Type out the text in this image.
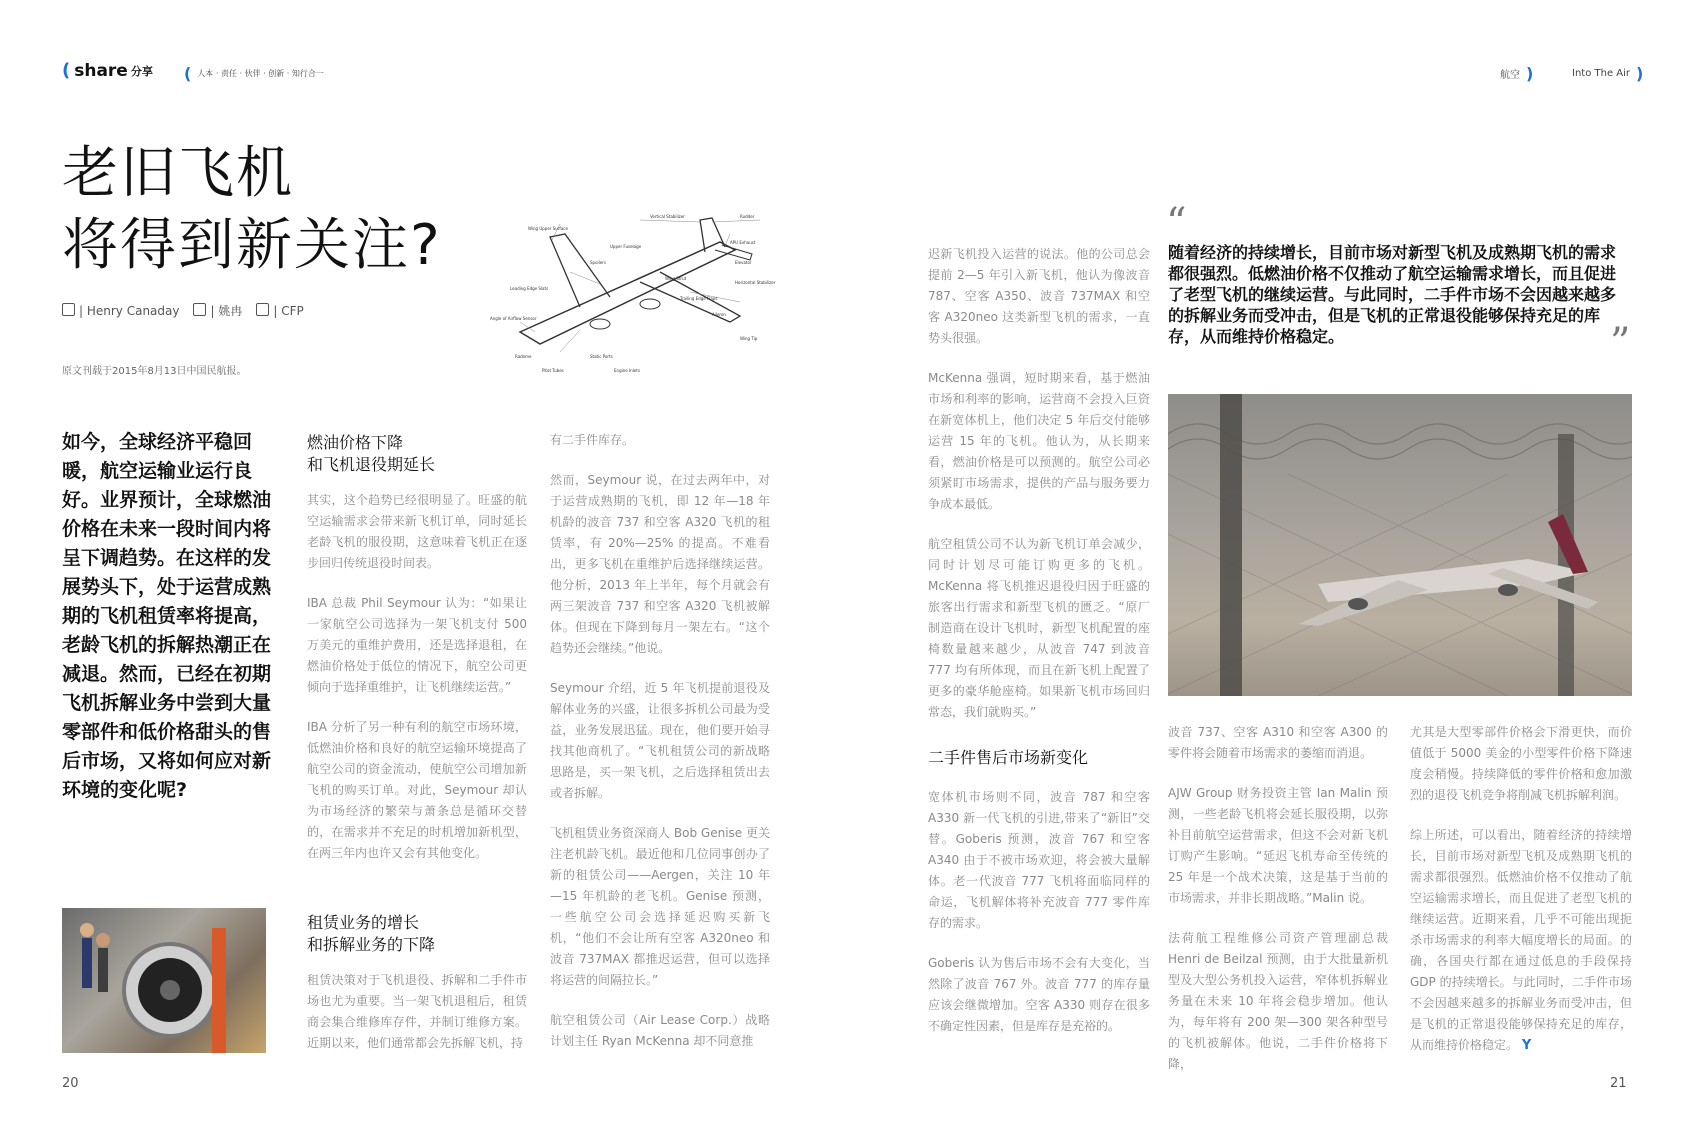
( share 分享 ( 人本 · 责任 · 伙伴 · 创新 · 知行合一	航空 )	Into The Air )
老旧飞机
将得到新关注?
| Henry Canaday	| 姚冉	| CFP
原文刊载于2015年8月13日中国民航报。
如今，全球经济平稳回暖，航空运输业运行良好。业界预计，全球燃油价格在未来一段时间内将呈下调趋势。在这样的发展势头下，处于运营成熟期的飞机租赁率将提高，老龄飞机的拆解热潮正在减退。然而，已经在初期飞机拆解业务中尝到大量零部件和低价格甜头的售后市场，又将如何应对新环境的变化呢?
燃油价格下降
和飞机退役期延长

其实，这个趋势已经很明显了。旺盛的航空运输需求会带来新飞机订单，同时延长老龄飞机的服役期，这意味着飞机正在逐步回归传统退役时间表。

IBA 总裁 Phil Seymour 认为：“如果让一家航空公司选择为一架飞机支付 500 万美元的重维护费用，还是选择退租，在燃油价格处于低位的情况下，航空公司更倾向于选择重维护，让飞机继续运营。”

IBA 分析了另一种有利的航空市场环境，低燃油价格和良好的航空运输环境提高了航空公司的资金流动，使航空公司增加新飞机的购买订单。对此，Seymour 却认为市场经济的繁荣与萧条总是循环交替的，在需求并不充足的时机增加新机型，在两三年内也许又会有其他变化。

租赁业务的增长
和拆解业务的下降

租赁决策对于飞机退役、拆解和二手件市场也尤为重要。当一架飞机退租后，租赁商会集合维修库存件，并制订维修方案。近期以来，他们通常都会先拆解飞机，持

Wing Upper Surface
Vertical Stabilizer	Rudder
Upper Fuselage
APU Exhaust
Spoilers	Elevator
Wing Strut
Horizontal Stabilizer
Leading Edge Slats
Trailing Edge Flaps
Aileron
Angle of Airflow Sensor
Wing Tip
Radome	Static Ports
Pitot Tubes	Engine Inlets

有二手件库存。

然而，Seymour 说，在过去两年中，对于运营成熟期的飞机，即 12 年—18 年机龄的波音 737 和空客 A320 飞机的租赁率，有 20%—25% 的提高。不难看出，更多飞机在重维护后选择继续运营。他分析，2013 年上半年，每个月就会有两三架波音 737 和空客 A320 飞机被解体。但现在下降到每月一架左右。“这个趋势还会继续。”他说。

Seymour 介绍，近 5 年飞机提前退役及解体业务的兴盛，让很多拆机公司最为受益，业务发展迅猛。现在，他们要开始寻找其他商机了。“飞机租赁公司的新战略思路是，买一架飞机，之后选择租赁出去或者拆解。

飞机租赁业务资深商人 Bob Genise 更关注老机龄飞机。最近他和几位同事创办了新的租赁公司——Aergen，关注 10 年—15 年机龄的老飞机。Genise 预测，一些航空公司会选择延迟购买新飞机，“他们不会让所有空客 A320neo 和波音 737MAX 都推迟运营，但可以选择将运营的间隔拉长。”

航空租赁公司（Air Lease Corp.）战略计划主任 Ryan McKenna 却不同意推

迟新飞机投入运营的说法。他的公司总会提前 2—5 年引入新飞机，他认为像波音 787、空客 A350、波音 737MAX 和空客 A320neo 这类新型飞机的需求，一直势头很强。

McKenna 强调，短时期来看，基于燃油市场和利率的影响，运营商不会投入巨资在新宽体机上，他们决定 5 年后交付能够运营 15 年的飞机。他认为，从长期来看，燃油价格是可以预测的。航空公司必须紧盯市场需求，提供的产品与服务要力争成本最低。

航空租赁公司不认为新飞机订单会减少，同时计划尽可能订购更多的飞机。McKenna 将飞机推迟退役归因于旺盛的旅客出行需求和新型飞机的匮乏。“原厂制造商在设计飞机时，新型飞机配置的座椅数量越来越少，从波音 747 到波音 777 均有所体现，而且在新飞机上配置了更多的豪华舱座椅。如果新飞机市场回归常态，我们就购买。”

二手件售后市场新变化

宽体机市场则不同，波音 787 和空客 A330 新一代飞机的引进,带来了“新旧”交替。Goberis 预测，波音 767 和空客 A340 由于不被市场欢迎，将会被大量解体。老一代波音 777 飞机将面临同样的命运，飞机解体将补充波音 777 零件库存的需求。

Goberis 认为售后市场不会有大变化，当然除了波音 767 外。波音 777 的库存量应该会继微增加。空客 A330 则存在很多不确定性因素，但是库存是充裕的。

“
随着经济的持续增长，目前市场对新型飞机及成熟期飞机的需求都很强烈。低燃油价格不仅推动了航空运输需求增长，而且促进了老型飞机的继续运营。与此同时，二手件市场不会因越来越多的拆解业务而受冲击，但是飞机的正常退役能够保持充足的库存，从而维持价格稳定。	”

波音 737、空客 A310 和空客 A300 的零件将会随着市场需求的萎缩而消退。

AJW Group 财务投资主管 Ian Malin 预测，一些老龄飞机将会延长服役期，以弥补目前航空运营需求，但这不会对新飞机订购产生影响。“延迟飞机寿命至传统的 25 年是一个战术决策，这是基于当前的市场需求，并非长期战略。”Malin 说。

法荷航工程维修公司资产管理副总裁 Henri de Beilzal 预测，由于大批量新机型及大型公务机投入运营，窄体机拆解业务量在未来 10 年将会稳步增加。他认为，每年将有 200 架—300 架各种型号的飞机被解体。他说，二手件价格将下降，

尤其是大型零部件价格会下滑更快，而价值低于 5000 美金的小型零件价格下降速度会稍慢。持续降低的零件价格和愈加激烈的退役飞机竞争将削减飞机拆解利润。

综上所述，可以看出，随着经济的持续增长，目前市场对新型飞机及成熟期飞机的需求都很强烈。低燃油价格不仅推动了航空运输需求增长，而且促进了老型飞机的继续运营。近期来看，几乎不可能出现扼杀市场需求的利率大幅度增长的局面。的确，各国央行都在通过低息的手段保持 GDP 的持续增长。与此同时，二手件市场不会因越来越多的拆解业务而受冲击，但是飞机的正常退役能够保持充足的库存，从而维持价格稳定。 Y

20	21
